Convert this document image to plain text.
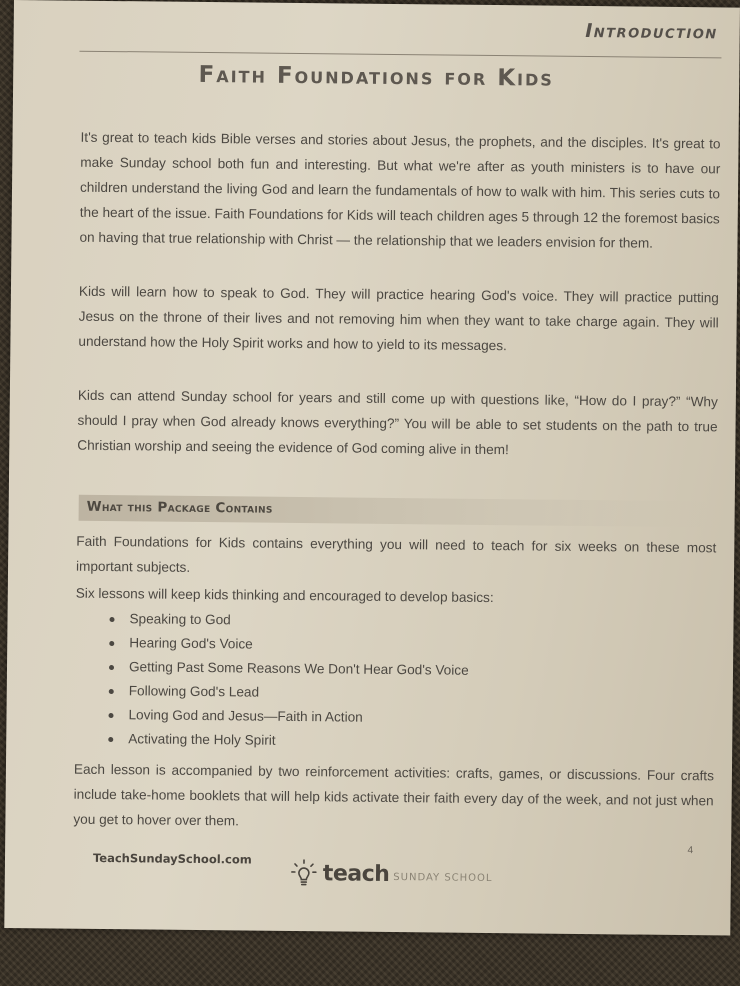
Introduction
Faith Foundations for Kids
It's great to teach kids Bible verses and stories about Jesus, the prophets, and the disciples. It's great to make Sunday school both fun and interesting. But what we're after as youth ministers is to have our children understand the living God and learn the fundamentals of how to walk with him. This series cuts to the heart of the issue. Faith Foundations for Kids will teach children ages 5 through 12 the foremost basics on having that true relationship with Christ — the relationship that we leaders envision for them.
Kids will learn how to speak to God. They will practice hearing God's voice. They will practice putting Jesus on the throne of their lives and not removing him when they want to take charge again. They will understand how the Holy Spirit works and how to yield to its messages.
Kids can attend Sunday school for years and still come up with questions like, “How do I pray?” “Why should I pray when God already knows everything?” You will be able to set students on the path to true Christian worship and seeing the evidence of God coming alive in them!
What this Package Contains
Faith Foundations for Kids contains everything you will need to teach for six weeks on these most important subjects.
Six lessons will keep kids thinking and encouraged to develop basics:
Speaking to God
Hearing God's Voice
Getting Past Some Reasons We Don't Hear God's Voice
Following God's Lead
Loving God and Jesus—Faith in Action
Activating the Holy Spirit
Each lesson is accompanied by two reinforcement activities: crafts, games, or discussions. Four crafts include take-home booklets that will help kids activate their faith every day of the week, and not just when you get to hover over them.
4
TeachSundaySchool.com
teach SUNDAY SCHOOL
